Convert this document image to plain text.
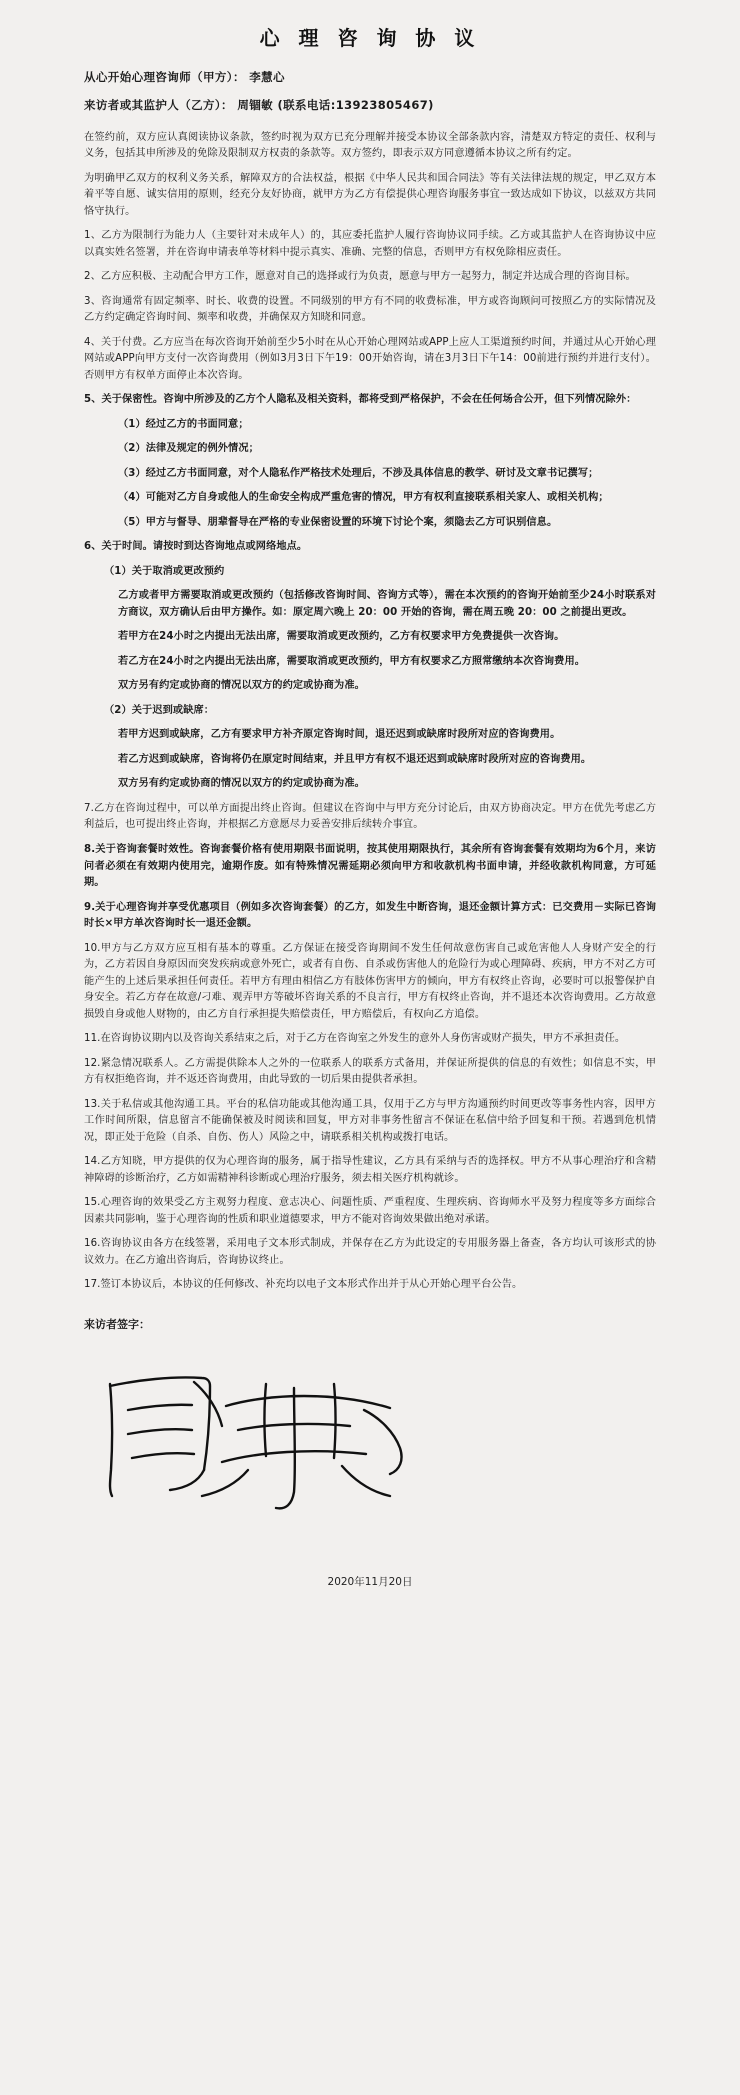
心 理 咨 询 协 议
从心开始心理咨询师（甲方）： 李慧心
来访者或其监护人（乙方）： 周锢敏 (联系电话:13923805467)
在签约前，双方应认真阅读协议条款，签约时视为双方已充分理解并接受本协议全部条款内容，清楚双方特定的责任、权利与义务，包括其申所涉及的免除及限制双方权责的条款等。双方签约，即表示双方同意遵循本协议之所有约定。
为明确甲乙双方的权利义务关系，解障双方的合法权益，根据《中华人民共和国合同法》等有关法律法规的规定，甲乙双方本着平等自愿、诚实信用的原则，经充分友好协商，就甲方为乙方有偿提供心理咨询服务事宜一致达成如下协议，以兹双方共同恪守执行。
1、乙方为限制行为能力人（主要针对未成年人）的，其应委托监护人履行咨询协议同手续。乙方或其监护人在咨询协议中应以真实姓名签署，并在咨询申请表单等材料中提示真实、准确、完整的信息，否则甲方有权免除相应责任。
2、乙方应积极、主动配合甲方工作，愿意对自己的选择或行为负责，愿意与甲方一起努力，制定并达成合理的咨询目标。
3、咨询通常有固定频率、时长、收费的设置。不同级别的甲方有不同的收费标准，甲方或咨询顾问可按照乙方的实际情况及乙方约定确定咨询时间、频率和收费，并确保双方知晓和同意。
4、关于付费。乙方应当在每次咨询开始前至少5小时在从心开始心理网站或APP上应人工渠道预约时间，并通过从心开始心理网站或APP向甲方支付一次咨询费用（例如3月3日下午19：00开始咨询，请在3月3日下午14：00前进行预约并进行支付）。否则甲方有权单方面停止本次咨询。
5、关于保密性。咨询中所涉及的乙方个人隐私及相关资料，都将受到严格保护，不会在任何场合公开，但下列情况除外：
（1）经过乙方的书面同意；
（2）法律及规定的例外情况；
（3）经过乙方书面同意，对个人隐私作严格技术处理后，不涉及具体信息的教学、研讨及文章书记撰写；
（4）可能对乙方自身或他人的生命安全构成严重危害的情况，甲方有权利直接联系相关家人、或相关机构；
（5）甲方与督导、朋辈督导在严格的专业保密设置的环境下讨论个案，须隐去乙方可识别信息。
6、关于时间。请按时到达咨询地点或网络地点。
（1）关于取消或更改预约
乙方或者甲方需要取消或更改预约（包括修改咨询时间、咨询方式等），需在本次预约的咨询开始前至少24小时联系对方商议，双方确认后由甲方操作。如：原定周六晚上 20：00 开始的咨询，需在周五晚 20：00 之前提出更改。
若甲方在24小时之内提出无法出席，需要取消或更改预约，乙方有权要求甲方免费提供一次咨询。
若乙方在24小时之内提出无法出席，需要取消或更改预约，甲方有权要求乙方照常缴纳本次咨询费用。
双方另有约定或协商的情况以双方的约定或协商为准。
（2）关于迟到或缺席：
若甲方迟到或缺席，乙方有要求甲方补齐原定咨询时间，退还迟到或缺席时段所对应的咨询费用。
若乙方迟到或缺席，咨询将仍在原定时间结束，并且甲方有权不退还迟到或缺席时段所对应的咨询费用。
双方另有约定或协商的情况以双方的约定或协商为准。
7.乙方在咨询过程中，可以单方面提出终止咨询。但建议在咨询中与甲方充分讨论后，由双方协商决定。甲方在优先考虑乙方利益后，也可提出终止咨询，并根据乙方意愿尽力妥善安排后续转介事宜。
8.关于咨询套餐时效性。咨询套餐价格有使用期限书面说明，按其使用期限执行，其余所有咨询套餐有效期均为6个月，来访问者必须在有效期内使用完，逾期作废。如有特殊情况需延期必须向甲方和收款机构书面申请，并经收款机构同意，方可延期。
9.关于心理咨询并享受优惠项目（例如多次咨询套餐）的乙方，如发生中断咨询，退还金额计算方式：已交费用－实际已咨询时长×甲方单次咨询时长一退还金额。
10.甲方与乙方双方应互相有基本的尊重。乙方保证在接受咨询期间不发生任何故意伤害自己或危害他人人身财产安全的行为，乙方若因自身原因而突发疾病或意外死亡，或者有自伤、自杀或伤害他人的危险行为或心理障碍、疾病，甲方不对乙方可能产生的上述后果承担任何责任。若甲方有理由相信乙方有肢体伤害甲方的倾向，甲方有权终止咨询，必要时可以报警保护自身安全。若乙方存在故意/刁难、观弄甲方等破坏咨询关系的不良言行，甲方有权终止咨询，并不退还本次咨询费用。乙方故意损毁自身或他人财物的，由乙方自行承担提失赔偿责任，甲方赔偿后，有权向乙方追偿。
11.在咨询协议期内以及咨询关系结束之后，对于乙方在咨询室之外发生的意外人身伤害或财产损失，甲方不承担责任。
12.紧急情况联系人。乙方需提供除本人之外的一位联系人的联系方式备用，并保证所提供的信息的有效性；如信息不实，甲方有权拒绝咨询，并不返还咨询费用，由此导致的一切后果由提供者承担。
13.关于私信或其他沟通工具。平台的私信功能或其他沟通工具，仅用于乙方与甲方沟通预约时间更改等事务性内容，因甲方工作时间所限，信息留言不能确保被及时阅读和回复，甲方对非事务性留言不保证在私信中给予回复和干预。若遇到危机情况，即正处于危险（自杀、自伤、伤人）风险之中，请联系相关机构或拨打电话。
14.乙方知晓，甲方提供的仅为心理咨询的服务，属于指导性建议，乙方具有采纳与否的选择权。甲方不从事心理治疗和含精神障碍的诊断治疗，乙方如需精神科诊断或心理治疗服务，须去相关医疗机构就诊。
15.心理咨询的效果受乙方主观努力程度、意志决心、问题性质、严重程度、生理疾病、咨询师水平及努力程度等多方面综合因素共同影响，鉴于心理咨询的性质和职业道德要求，甲方不能对咨询效果做出绝对承诺。
16.咨询协议由各方在线签署，采用电子文本形式制成，并保存在乙方为此设定的专用服务器上备查，各方均认可该形式的协议效力。在乙方逾出咨询后，咨询协议终止。
17.签订本协议后，本协议的任何修改、补充均以电子文本形式作出并于从心开始心理平台公告。
来访者签字：
2020年11月20日
